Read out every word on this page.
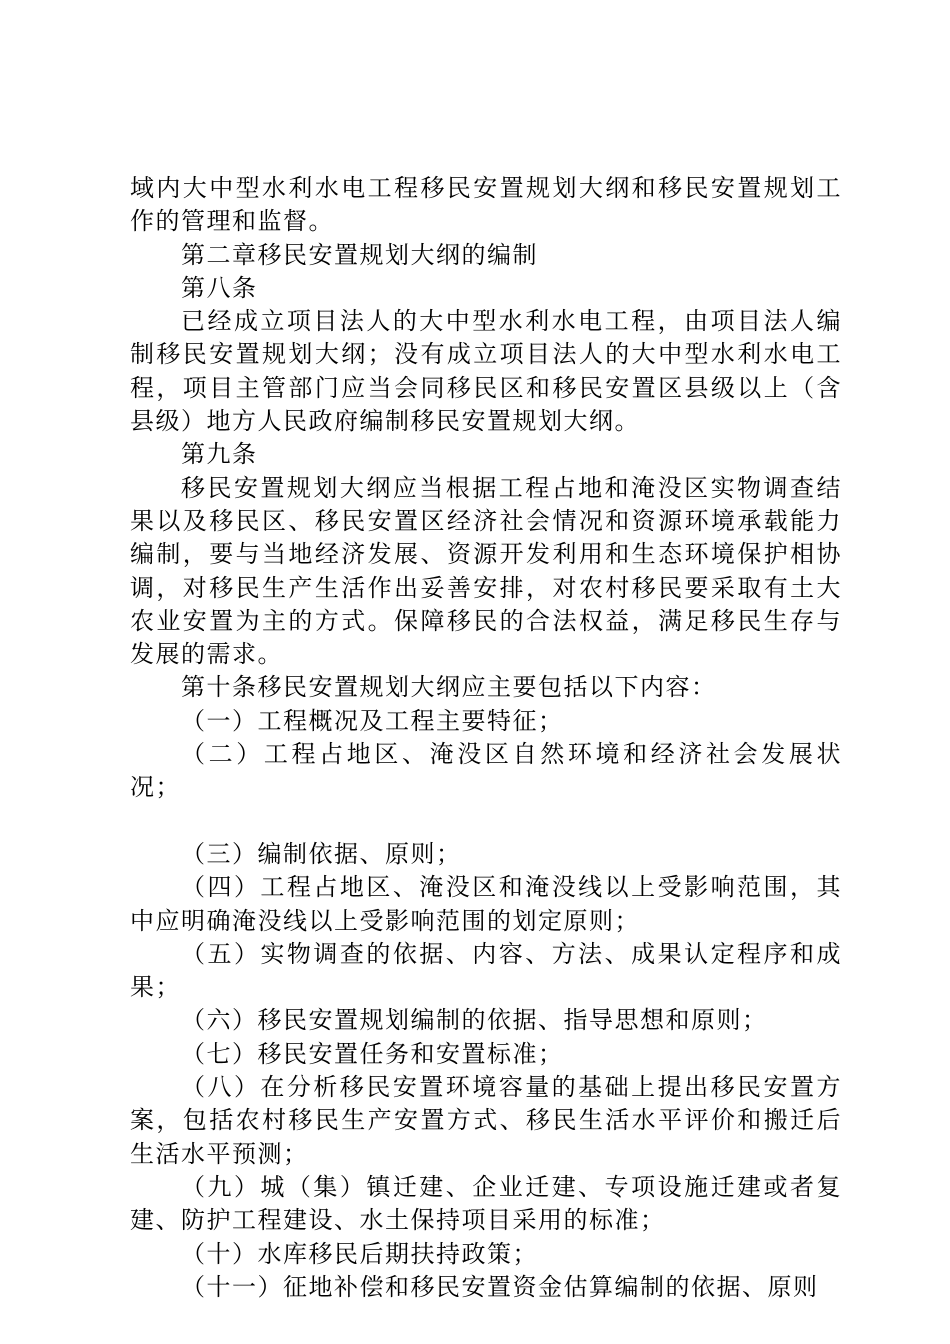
域内大中型水利水电工程移民安置规划大纲和移民安置规划工作的管理和监督。

第二章移民安置规划大纲的编制

第八条

已经成立项目法人的大中型水利水电工程，由项目法人编制移民安置规划大纲；没有成立项目法人的大中型水利水电工程，项目主管部门应当会同移民区和移民安置区县级以上（含县级）地方人民政府编制移民安置规划大纲。

第九条

移民安置规划大纲应当根据工程占地和淹没区实物调查结果以及移民区、移民安置区经济社会情况和资源环境承载能力编制，要与当地经济发展、资源开发利用和生态环境保护相协调，对移民生产生活作出妥善安排，对农村移民要采取有土大农业安置为主的方式。保障移民的合法权益，满足移民生存与发展的需求。

第十条移民安置规划大纲应主要包括以下内容：

（一）工程概况及工程主要特征；

（二）工程占地区、淹没区自然环境和经济社会发展状况；

（三）编制依据、原则；

（四）工程占地区、淹没区和淹没线以上受影响范围，其中应明确淹没线以上受影响范围的划定原则；

（五）实物调查的依据、内容、方法、成果认定程序和成果；

（六）移民安置规划编制的依据、指导思想和原则；

（七）移民安置任务和安置标准；

（八）在分析移民安置环境容量的基础上提出移民安置方案，包括农村移民生产安置方式、移民生活水平评价和搬迁后生活水平预测；

（九）城（集）镇迁建、企业迁建、专项设施迁建或者复建、防护工程建设、水土保持项目采用的标准；

（十）水库移民后期扶持政策；

（十一）征地补偿和移民安置资金估算编制的依据、原则
